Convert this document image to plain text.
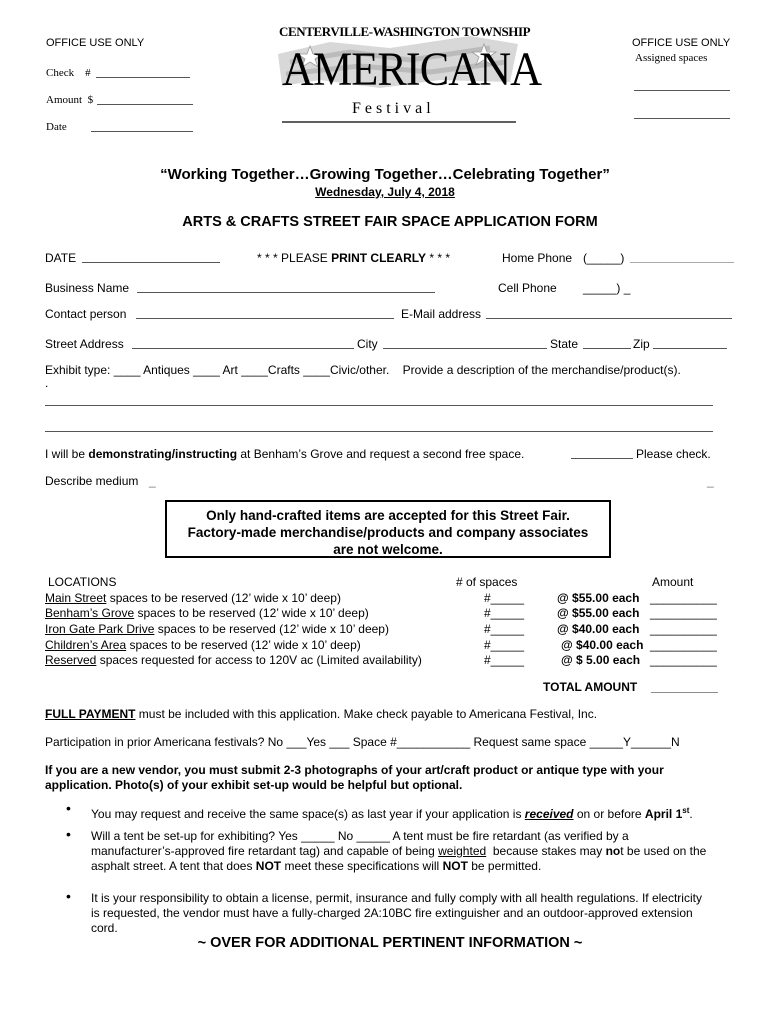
OFFICE USE ONLY
Check #
Amount $
Date
OFFICE USE ONLY
Assigned spaces
CENTERVILLE-WASHINGTON TOWNSHIP
AMERICANA
F e s t i v a l
“Working Together…Growing Together…Celebrating Together”
Wednesday, July 4, 2018
ARTS & CRAFTS STREET FAIR SPACE APPLICATION FORM
DATE	* * * PLEASE PRINT CLEARLY * * *	Home Phone (_____)
Business Name	Cell Phone _____) _
Contact person	E-Mail address
Street Address	City	State	Zip
Exhibit type: ____ Antiques ____ Art ____Crafts ____Civic/other. Provide a description of the merchandise/product(s).
.
I will be demonstrating/instructing at Benham’s Grove and request a second free space.	Please check.
Describe medium _	_
Only hand-crafted items are accepted for this Street Fair.
Factory-made merchandise/products and company associates
are not welcome.
LOCATIONS	# of spaces	Amount
Main Street spaces to be reserved (12’ wide x 10’ deep)	#_____	@ $55.00 each __________
Benham’s Grove spaces to be reserved (12’ wide x 10’ deep)	#_____	@ $55.00 each __________
Iron Gate Park Drive spaces to be reserved (12’ wide x 10’ deep)	#_____	@ $40.00 each __________
Children’s Area spaces to be reserved (12’ wide x 10’ deep)	#_____	@ $40.00 each __________
Reserved spaces requested for access to 120V ac (Limited availability)	#_____	@ $ 5.00 each __________
TOTAL AMOUNT __________
FULL PAYMENT must be included with this application. Make check payable to Americana Festival, Inc.
Participation in prior Americana festivals? No ___Yes ___ Space #___________ Request same space _____Y______N
If you are a new vendor, you must submit 2-3 photographs of your art/craft product or antique type with your
application. Photo(s) of your exhibit set-up would be helpful but optional.
• You may request and receive the same space(s) as last year if your application is received on or before April 1st.
• Will a tent be set-up for exhibiting? Yes _____ No _____ A tent must be fire retardant (as verified by a
manufacturer’s-approved fire retardant tag) and capable of being weighted because stakes may not be used on the
asphalt street. A tent that does NOT meet these specifications will NOT be permitted.
• It is your responsibility to obtain a license, permit, insurance and fully comply with all health regulations. If electricity
is requested, the vendor must have a fully-charged 2A:10BC fire extinguisher and an outdoor-approved extension
cord.
~ OVER FOR ADDITIONAL PERTINENT INFORMATION ~
